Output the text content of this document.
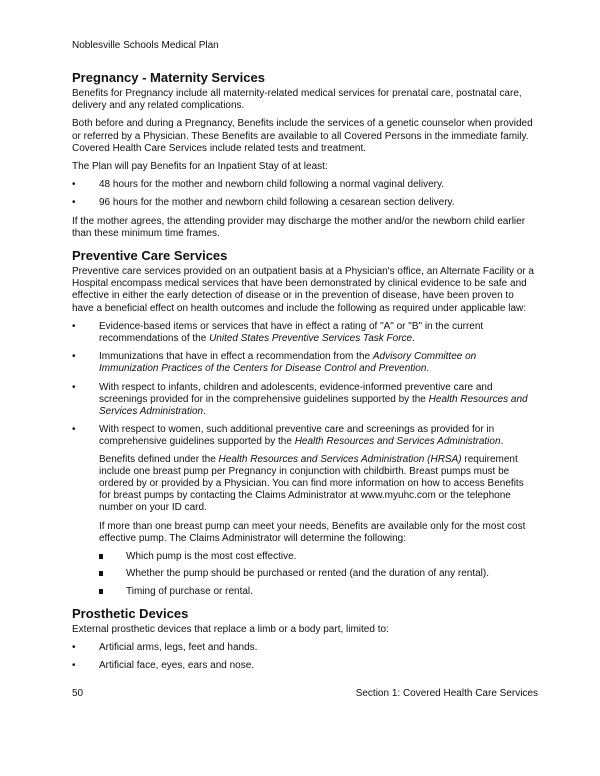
Noblesville Schools Medical Plan
Pregnancy - Maternity Services

Benefits for Pregnancy include all maternity-related medical services for prenatal care, postnatal care, delivery and any related complications.

Both before and during a Pregnancy, Benefits include the services of a genetic counselor when provided or referred by a Physician. These Benefits are available to all Covered Persons in the immediate family. Covered Health Care Services include related tests and treatment.

The Plan will pay Benefits for an Inpatient Stay of at least:

• 48 hours for the mother and newborn child following a normal vaginal delivery.
• 96 hours for the mother and newborn child following a cesarean section delivery.

If the mother agrees, the attending provider may discharge the mother and/or the newborn child earlier than these minimum time frames.

Preventive Care Services

Preventive care services provided on an outpatient basis at a Physician's office, an Alternate Facility or a Hospital encompass medical services that have been demonstrated by clinical evidence to be safe and effective in either the early detection of disease or in the prevention of disease, have been proven to have a beneficial effect on health outcomes and include the following as required under applicable law:

• Evidence-based items or services that have in effect a rating of "A" or "B" in the current recommendations of the United States Preventive Services Task Force.
• Immunizations that have in effect a recommendation from the Advisory Committee on Immunization Practices of the Centers for Disease Control and Prevention.
• With respect to infants, children and adolescents, evidence-informed preventive care and screenings provided for in the comprehensive guidelines supported by the Health Resources and Services Administration.
• With respect to women, such additional preventive care and screenings as provided for in comprehensive guidelines supported by the Health Resources and Services Administration.

Benefits defined under the Health Resources and Services Administration (HRSA) requirement include one breast pump per Pregnancy in conjunction with childbirth. Breast pumps must be ordered by or provided by a Physician. You can find more information on how to access Benefits for breast pumps by contacting the Claims Administrator at www.myuhc.com or the telephone number on your ID card.

If more than one breast pump can meet your needs, Benefits are available only for the most cost effective pump. The Claims Administrator will determine the following:

Which pump is the most cost effective.
Whether the pump should be purchased or rented (and the duration of any rental).
Timing of purchase or rental.
Prosthetic Devices

External prosthetic devices that replace a limb or a body part, limited to:

• Artificial arms, legs, feet and hands.
• Artificial face, eyes, ears and nose.
50	Section 1: Covered Health Care Services
